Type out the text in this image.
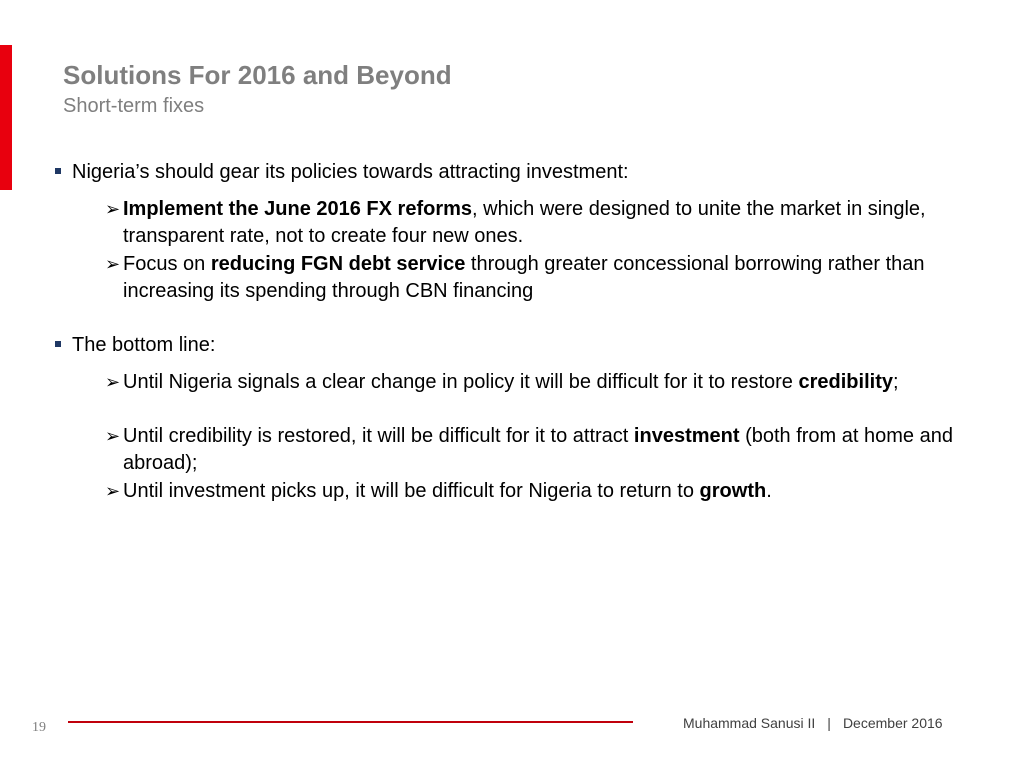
Solutions For 2016 and Beyond
Short-term fixes
Nigeria’s should gear its policies towards attracting investment:
➢ Implement the June 2016 FX reforms, which were designed to unite the market in single, transparent rate, not to create four new ones.
➢ Focus on reducing FGN debt service through greater concessional borrowing rather than increasing its spending through CBN financing
The bottom line:
➢ Until Nigeria signals a clear change in policy it will be difficult for it to restore credibility;
➢ Until credibility is restored, it will be difficult for it to attract investment (both from at home and abroad);
➢ Until investment picks up, it will be difficult for Nigeria to return to growth.
19	Muhammad Sanusi II | December 2016
